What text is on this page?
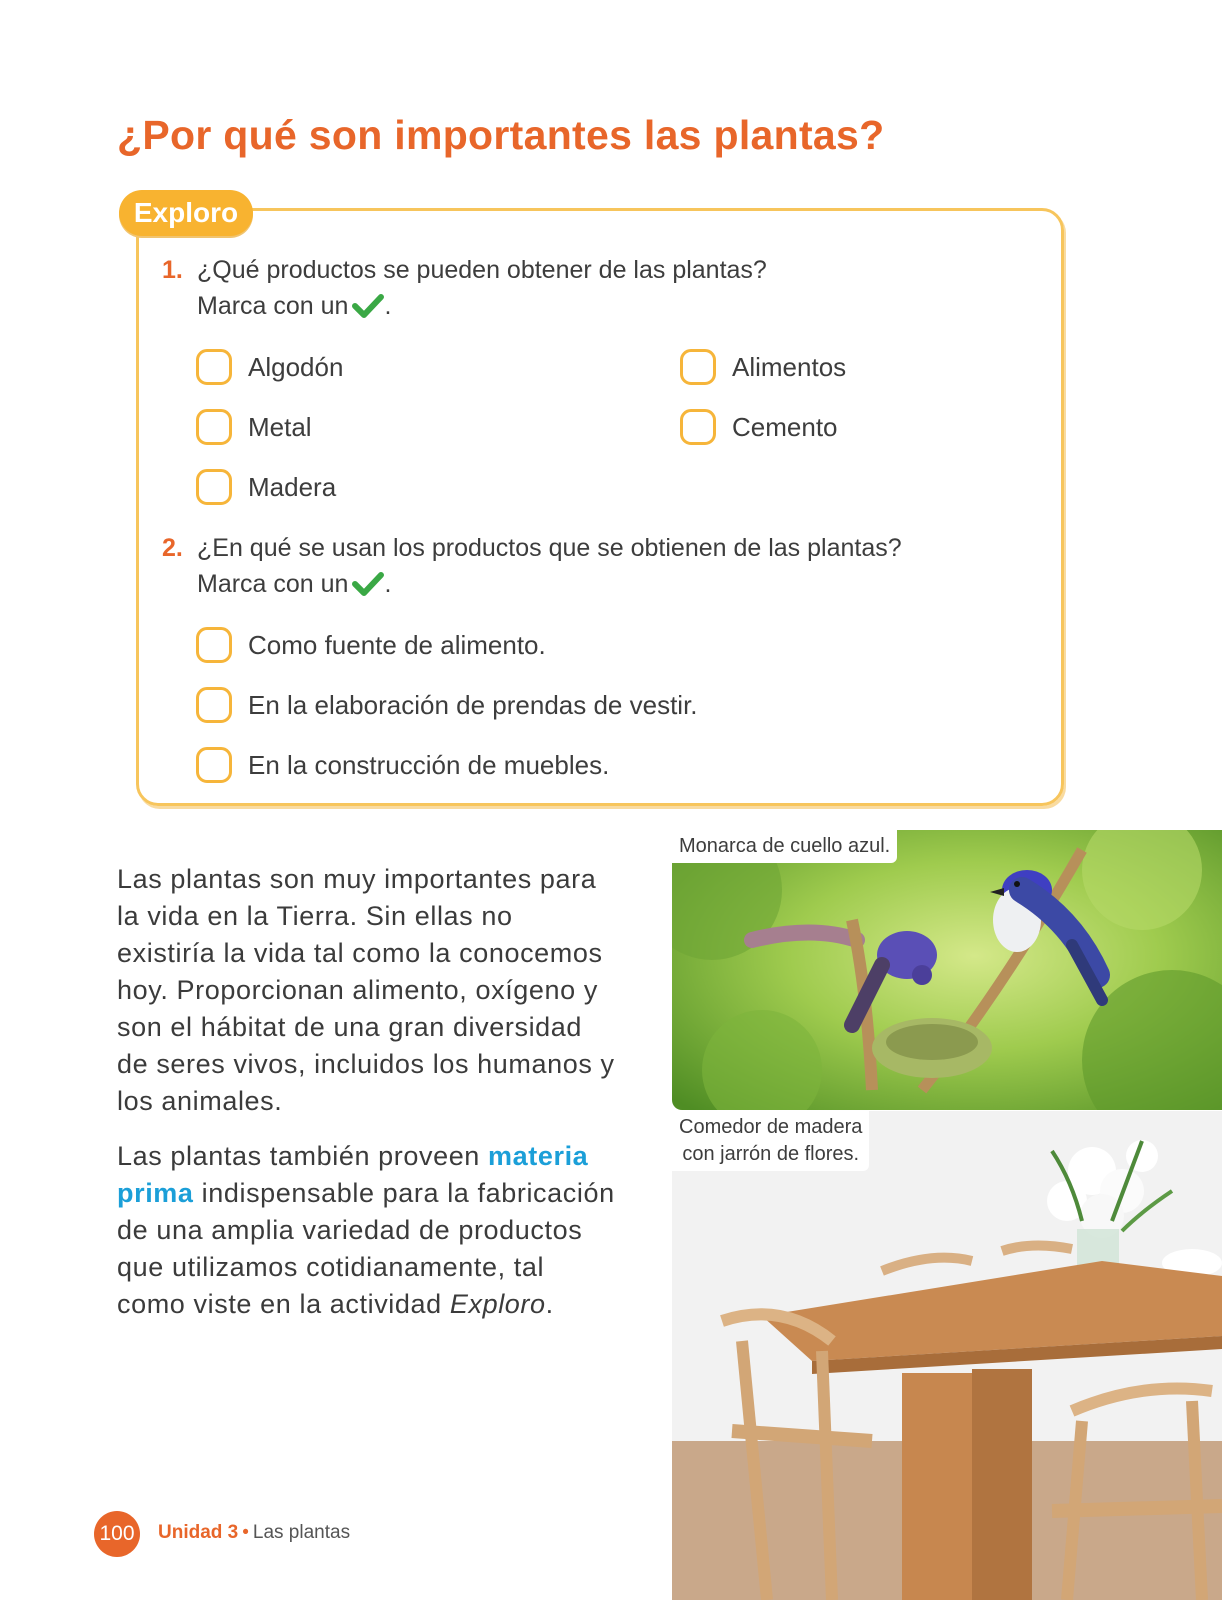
¿Por qué son importantes las plantas?
Exploro
1. ¿Qué productos se pueden obtener de las plantas?
Marca con un .
Algodón	Alimentos
Metal	Cemento
Madera
2. ¿En qué se usan los productos que se obtienen de las plantas?
Marca con un .
Como fuente de alimento.
En la elaboración de prendas de vestir.
En la construcción de muebles.

Las plantas son muy importantes para la vida en la Tierra. Sin ellas no existiría la vida tal como la conocemos hoy. Proporcionan alimento, oxígeno y son el hábitat de una gran diversidad de seres vivos, incluidos los humanos y los animales.

Las plantas también proveen materia prima indispensable para la fabricación de una amplia variedad de productos que utilizamos cotidianamente, tal como viste en la actividad Exploro.

Monarca de cuello azul.
Comedor de madera
con jarrón de flores.
100 Unidad 3 • Las plantas
